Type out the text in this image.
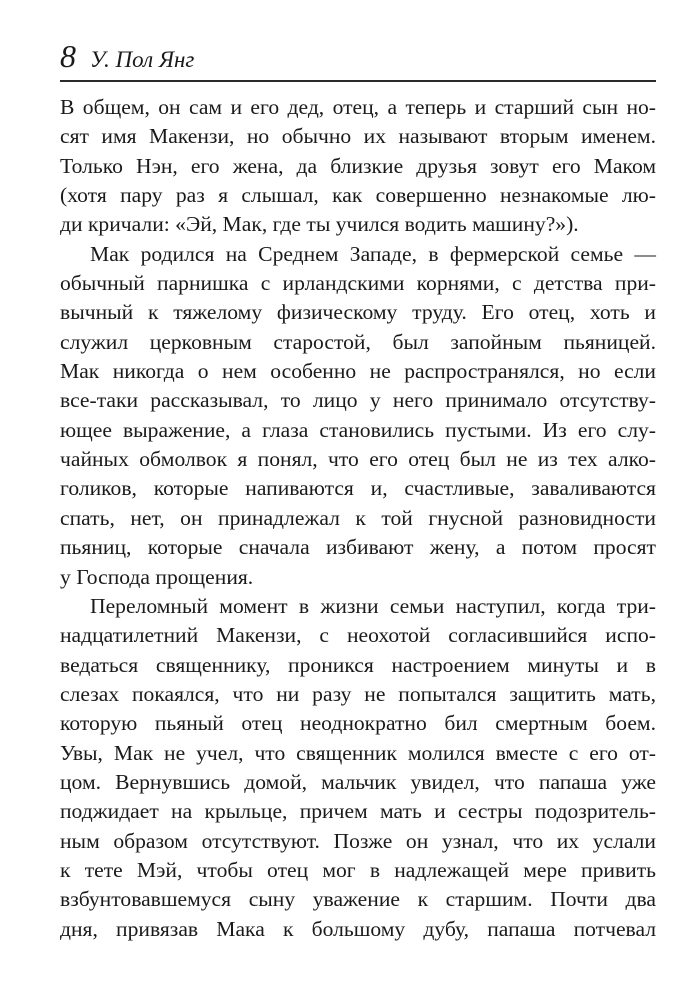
8 У. Пол Янг
В общем, он сам и его дед, отец, а теперь и старший сын но-
сят имя Макензи, но обычно их называют вторым именем.
Только Нэн, его жена, да близкие друзья зовут его Маком
(хотя пару раз я слышал, как совершенно незнакомые лю-
ди кричали: «Эй, Мак, где ты учился водить машину?»).
Мак родился на Среднем Западе, в фермерской семье —
обычный парнишка с ирландскими корнями, с детства при-
вычный к тяжелому физическому труду. Его отец, хоть и
служил церковным старостой, был запойным пьяницей.
Мак никогда о нем особенно не распространялся, но если
все-таки рассказывал, то лицо у него принимало отсутству-
ющее выражение, а глаза становились пустыми. Из его слу-
чайных обмолвок я понял, что его отец был не из тех алко-
голиков, которые напиваются и, счастливые, заваливаются
спать, нет, он принадлежал к той гнусной разновидности
пьяниц, которые сначала избивают жену, а потом просят
у Господа прощения.
Переломный момент в жизни семьи наступил, когда три-
надцатилетний Макензи, с неохотой согласившийся испо-
ведаться священнику, проникся настроением минуты и в
слезах покаялся, что ни разу не попытался защитить мать,
которую пьяный отец неоднократно бил смертным боем.
Увы, Мак не учел, что священник молился вместе с его от-
цом. Вернувшись домой, мальчик увидел, что папаша уже
поджидает на крыльце, причем мать и сестры подозритель-
ным образом отсутствуют. Позже он узнал, что их услали
к тете Мэй, чтобы отец мог в надлежащей мере привить
взбунтовавшемуся сыну уважение к старшим. Почти два
дня, привязав Мака к большому дубу, папаша потчевал
